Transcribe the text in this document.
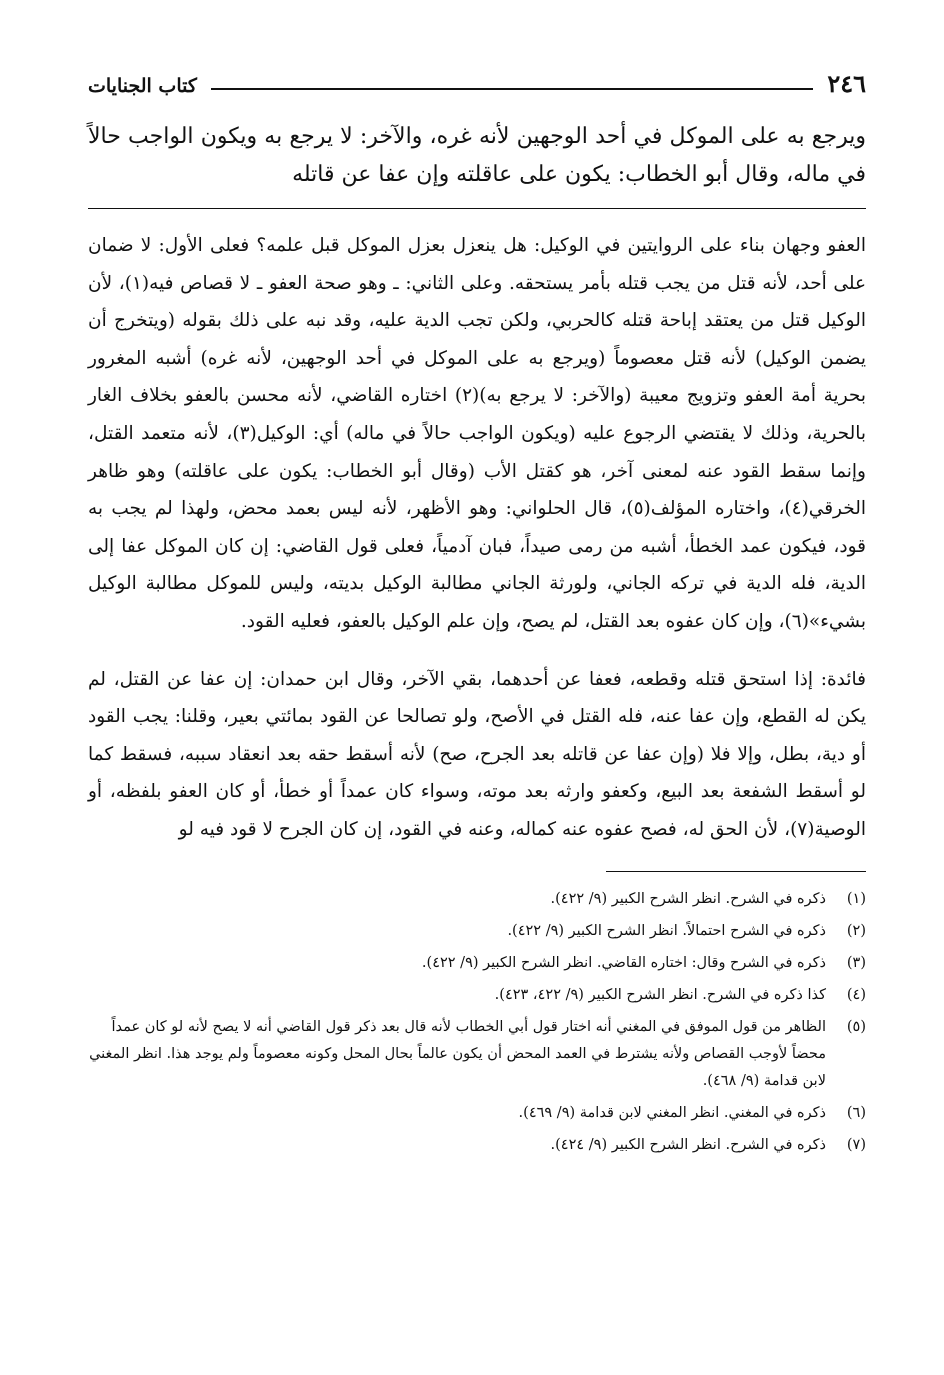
٢٤٦
كتاب الجنايات

ويرجع به على الموكل في أحد الوجهين لأنه غره، والآخر: لا يرجع به ويكون الواجب حالاً في ماله، وقال أبو الخطاب: يكون على عاقلته وإن عفا عن قاتله

العفو وجهان بناء على الروايتين في الوكيل: هل ينعزل بعزل الموكل قبل علمه؟ فعلى الأول: لا ضمان على أحد، لأنه قتل من يجب قتله بأمر يستحقه. وعلى الثاني: ـ وهو صحة العفو ـ لا قصاص فيه(١)، لأن الوكيل قتل من يعتقد إباحة قتله كالحربي، ولكن تجب الدية عليه، وقد نبه على ذلك بقوله (ويتخرج أن يضمن الوكيل) لأنه قتل معصوماً (ويرجع به على الموكل في أحد الوجهين، لأنه غره) أشبه المغرور بحرية أمة العفو وتزويج معيبة (والآخر: لا يرجع به)(٢) اختاره القاضي، لأنه محسن بالعفو بخلاف الغار بالحرية، وذلك لا يقتضي الرجوع عليه (ويكون الواجب حالاً في ماله) أي: الوكيل(٣)، لأنه متعمد القتل، وإنما سقط القود عنه لمعنى آخر، هو كقتل الأب (وقال أبو الخطاب: يكون على عاقلته) وهو ظاهر الخرقي(٤)، واختاره المؤلف(٥)، قال الحلواني: وهو الأظهر، لأنه ليس بعمد محض، ولهذا لم يجب به قود، فيكون عمد الخطأ، أشبه من رمى صيداً، فبان آدمياً، فعلى قول القاضي: إن كان الموكل عفا إلى الدية، فله الدية في تركه الجاني، ولورثة الجاني مطالبة الوكيل بديته، وليس للموكل مطالبة الوكيل بشيء»(٦)، وإن كان عفوه بعد القتل، لم يصح، وإن علم الوكيل بالعفو، فعليه القود.

فائدة: إذا استحق قتله وقطعه، فعفا عن أحدهما، بقي الآخر، وقال ابن حمدان: إن عفا عن القتل، لم يكن له القطع، وإن عفا عنه، فله القتل في الأصح، ولو تصالحا عن القود بمائتي بعير، وقلنا: يجب القود أو دية، بطل، وإلا فلا (وإن عفا عن قاتله بعد الجرح، صح) لأنه أسقط حقه بعد انعقاد سببه، فسقط كما لو أسقط الشفعة بعد البيع، وكعفو وارثه بعد موته، وسواء كان عمداً أو خطأ، أو كان العفو بلفظه، أو الوصية(٧)، لأن الحق له، فصح عفوه عنه كماله، وعنه في القود، إن كان الجرح لا قود فيه لو

(١)
ذكره في الشرح. انظر الشرح الكبير (٩/ ٤٢٢).
(٢)
ذكره في الشرح احتمالاً. انظر الشرح الكبير (٩/ ٤٢٢).
(٣)
ذكره في الشرح وقال: اختاره القاضي. انظر الشرح الكبير (٩/ ٤٢٢).
(٤)
كذا ذكره في الشرح. انظر الشرح الكبير (٩/ ٤٢٢، ٤٢٣).
(٥)
الظاهر من قول الموفق في المغني أنه اختار قول أبي الخطاب لأنه قال بعد ذكر قول القاضي أنه لا يصح لأنه لو كان عمداً محضاً لأوجب القصاص ولأنه يشترط في العمد المحض أن يكون عالماً بحال المحل وكونه معصوماً ولم يوجد هذا. انظر المغني لابن قدامة (٩/ ٤٦٨).
(٦)
ذكره في المغني. انظر المغني لابن قدامة (٩/ ٤٦٩).
(٧)
ذكره في الشرح. انظر الشرح الكبير (٩/ ٤٢٤).
